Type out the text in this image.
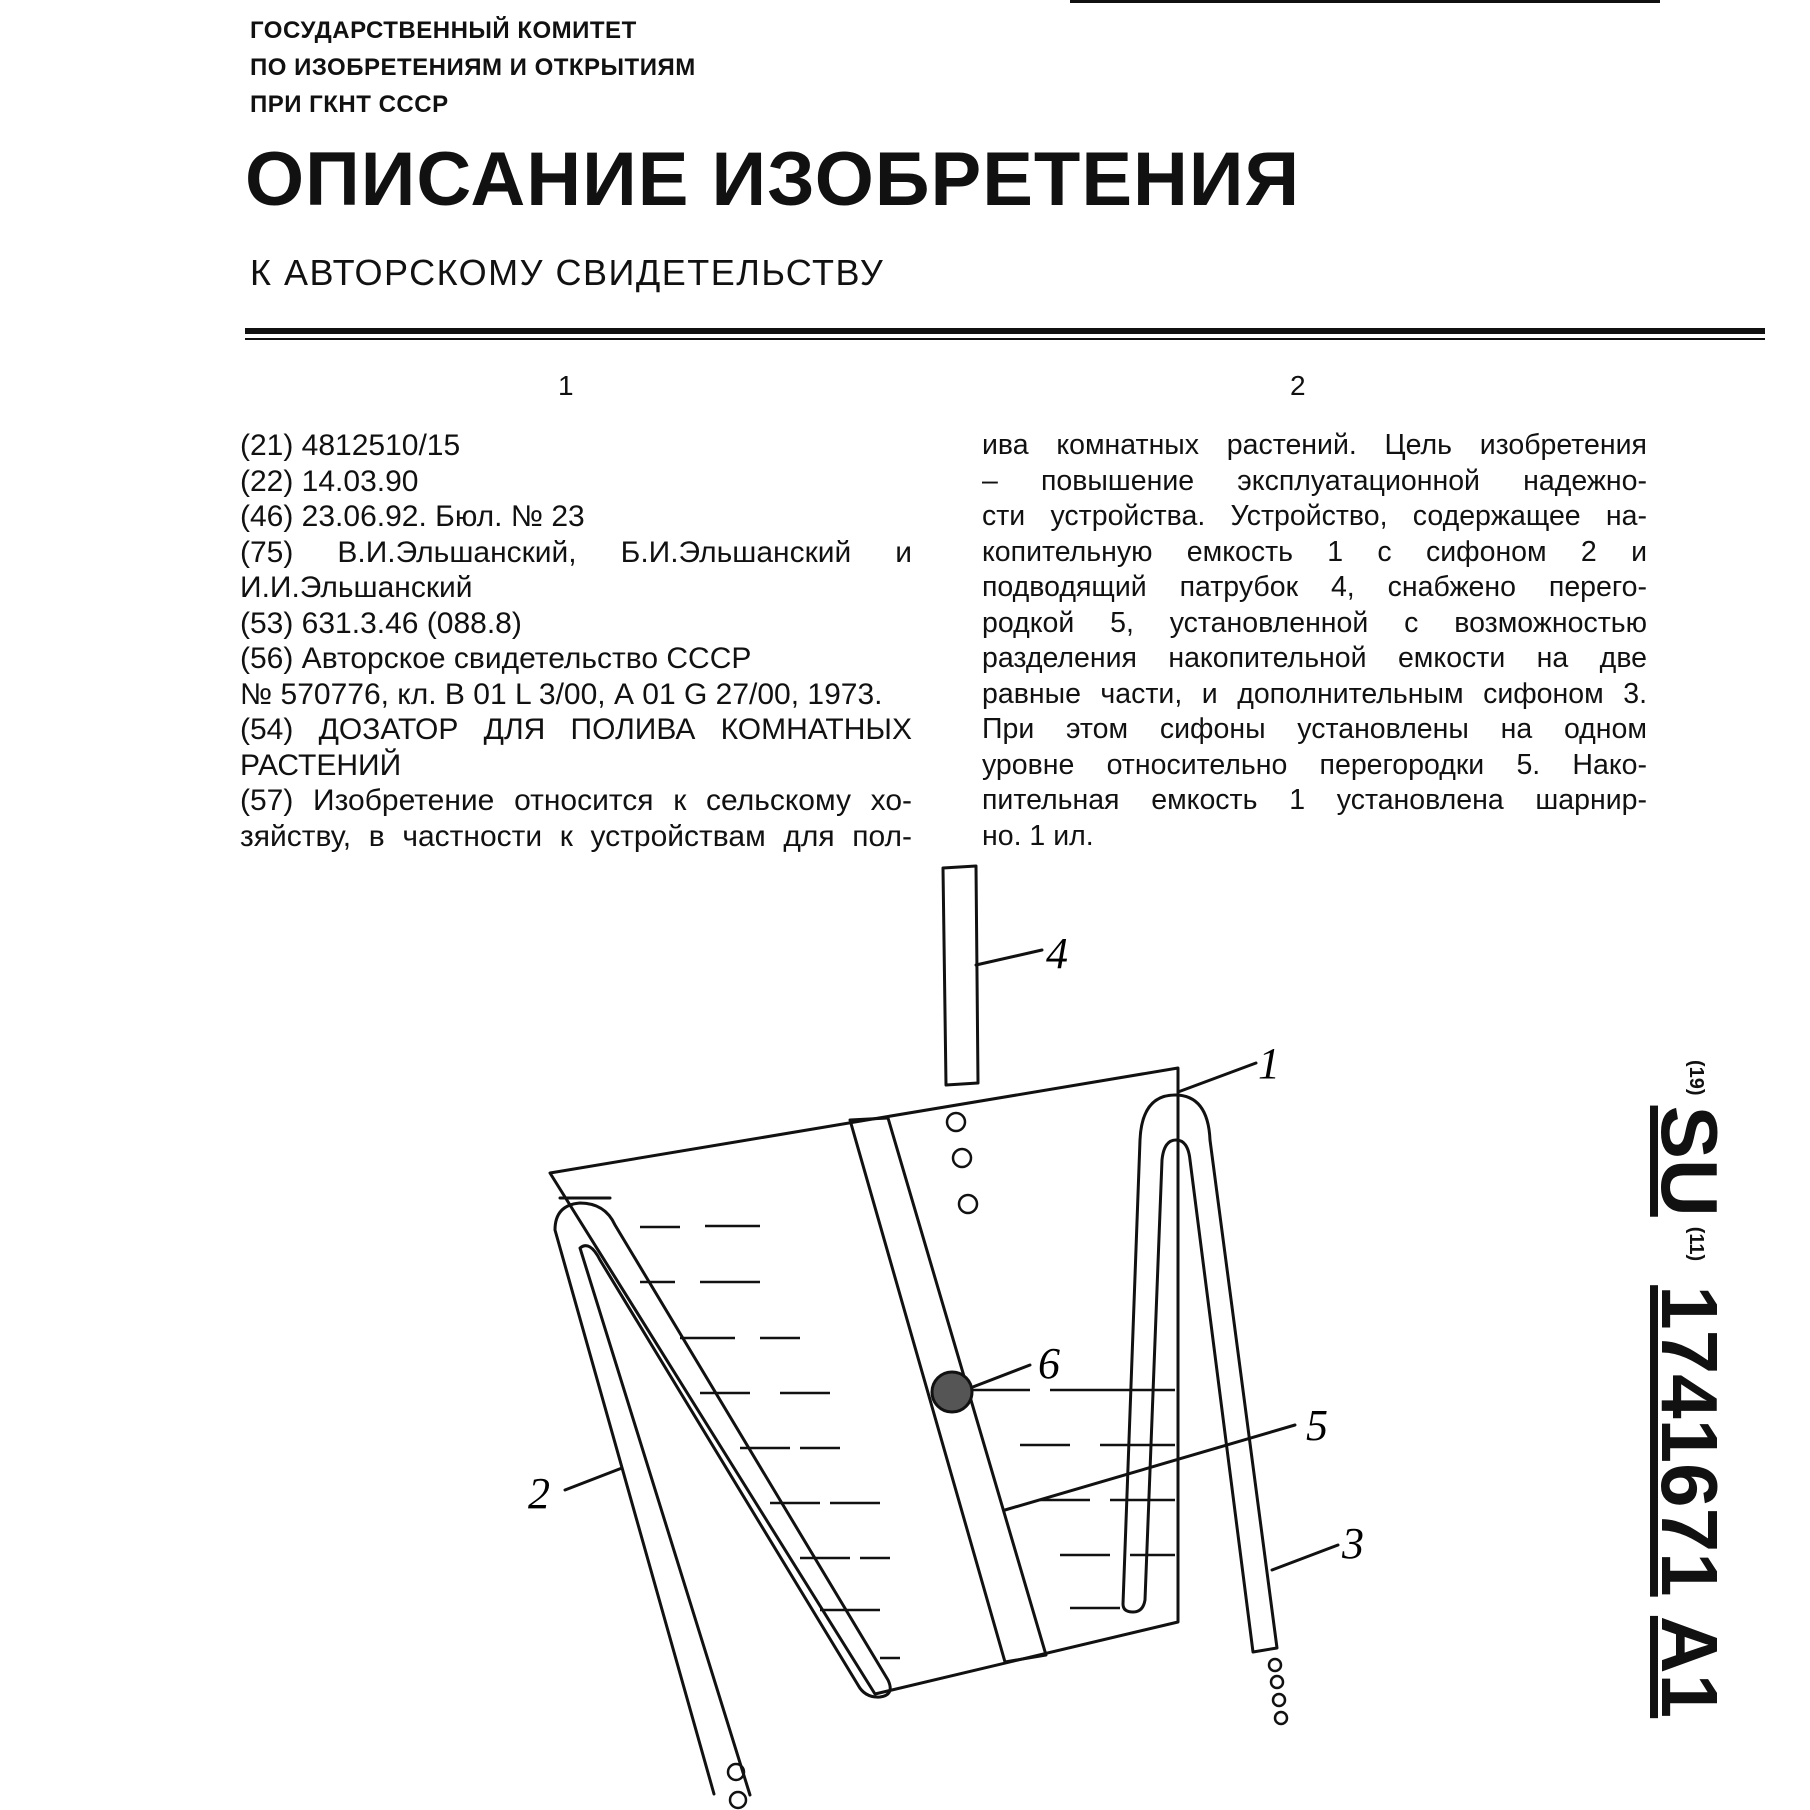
ГОСУДАРСТВЕННЫЙ КОМИТЕТ
ПО ИЗОБРЕТЕНИЯМ И ОТКРЫТИЯМ
ПРИ ГКНТ СССР
ОПИСАНИЕ ИЗОБРЕТЕНИЯ
К АВТОРСКОМУ СВИДЕТЕЛЬСТВУ
1	2
(21) 4812510/15
(22) 14.03.90
(46) 23.06.92. Бюл. № 23
(75) В.И.Эльшанский, Б.И.Эльшанский и
И.И.Эльшанский
(53) 631.3.46 (088.8)
(56) Авторское свидетельство СССР
№ 570776, кл. В 01 L 3/00, А 01 G 27/00, 1973.
(54) ДОЗАТОР ДЛЯ ПОЛИВА КОМНАТНЫХ
РАСТЕНИЙ
(57) Изобретение относится к сельскому хо-
зяйству, в частности к устройствам для пол-
ива комнатных растений. Цель изобретения
– повышение эксплуатационной надежно-
сти устройства. Устройство, содержащее на-
копительную емкость 1 с сифоном 2 и
подводящий патрубок 4, снабжено перего-
родкой 5, установленной с возможностью
разделения накопительной емкости на две
равные части, и дополнительным сифоном 3.
При этом сифоны установлены на одном
уровне относительно перегородки 5. Нако-
пительная емкость 1 установлена шарнир-
но. 1 ил.
$^{(19)}$SU$^{(11)}$1741671 A1
4
1
6
5
3
2
